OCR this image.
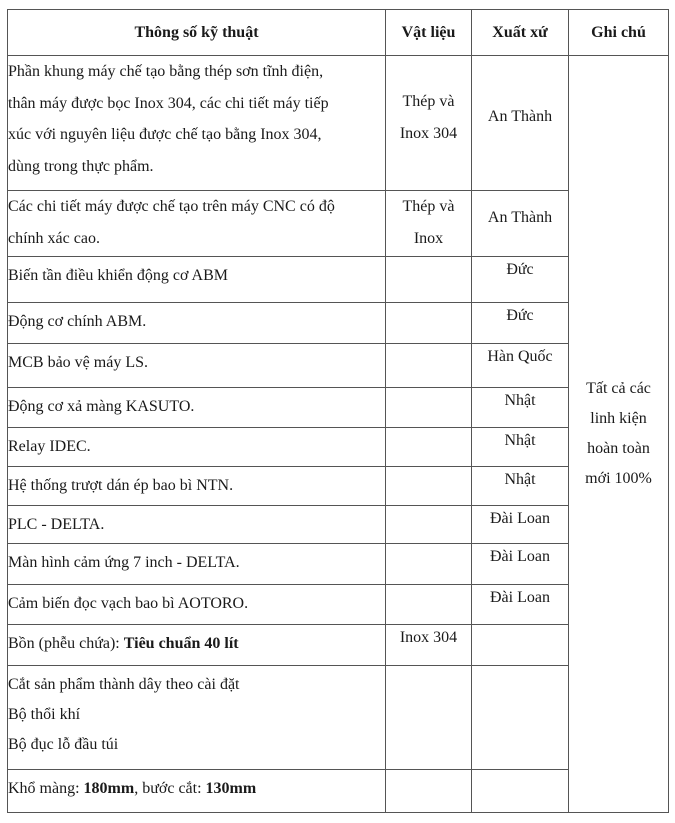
Thông số kỹ thuật	Vật liệu	Xuất xứ	Ghi chú

Phần khung máy chế tạo bằng thép sơn tĩnh điện,
thân máy được bọc Inox 304, các chi tiết máy tiếp
xúc với nguyên liệu được chế tạo bằng Inox 304,
dùng trong thực phẩm.	Thép và
Inox 304	An Thành	Tất cả các
linh kiện
hoàn toàn
mới 100%

Các chi tiết máy được chế tạo trên máy CNC có độ
chính xác cao.	Thép và
Inox	An Thành	
Biến tần điều khiển động cơ ABM		Đức	
Động cơ chính ABM.		Đức	
MCB bảo vệ máy LS.		Hàn Quốc	
Động cơ xả màng KASUTO.		Nhật	
Relay IDEC.		Nhật	
Hệ thống trượt dán ép bao bì NTN.		Nhật	
PLC - DELTA.		Đài Loan	
Màn hình cảm ứng 7 inch - DELTA.		Đài Loan	
Cảm biến đọc vạch bao bì AOTORO.		Đài Loan	
Bồn (phễu chứa): Tiêu chuẩn 40 lít	Inox 304		

Cắt sản phẩm thành dây theo cài đặt
Bộ thổi khí
Bộ đục lỗ đầu túi			

Khổ màng: 180mm, bước cắt: 130mm			
